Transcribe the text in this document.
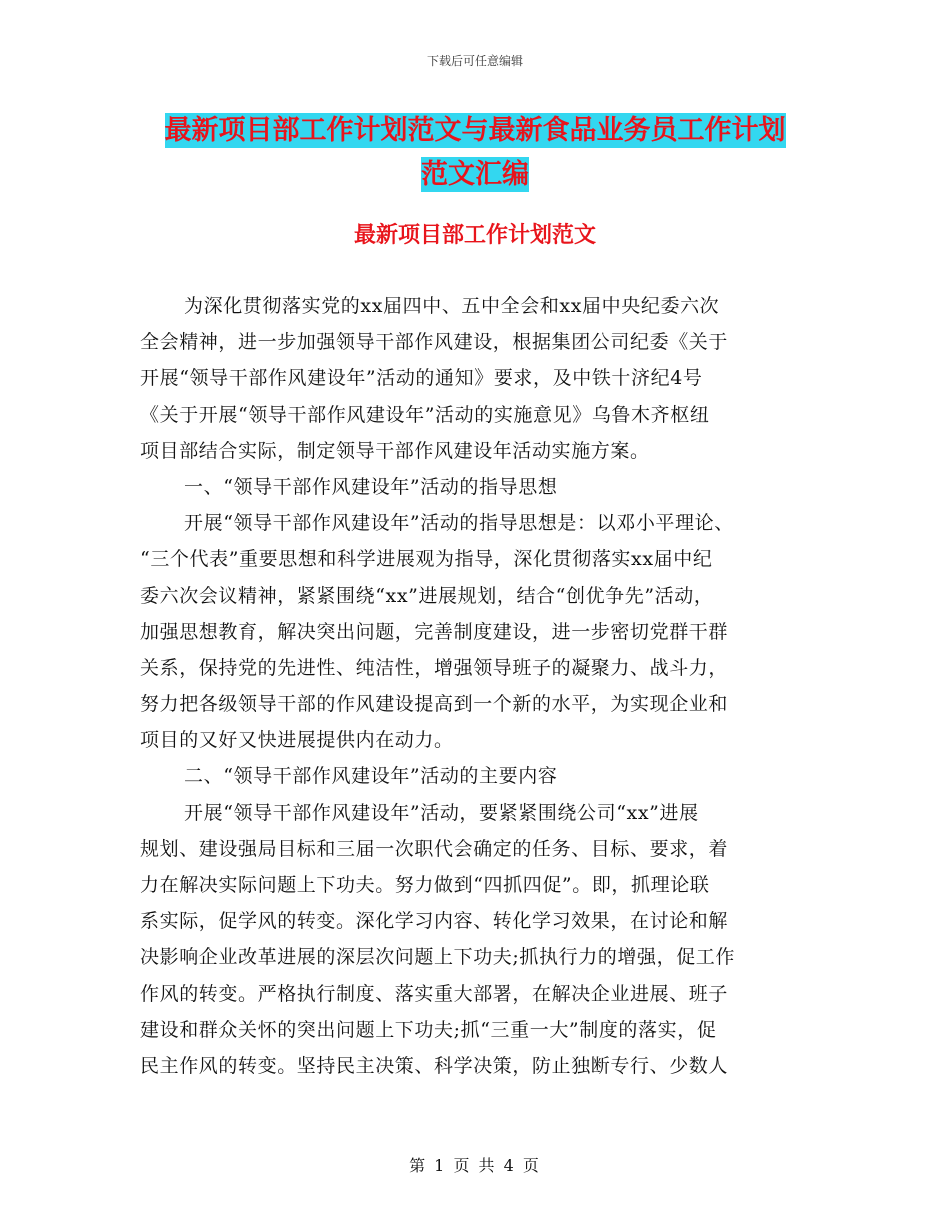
下载后可任意编辑
最新项目部工作计划范文与最新食品业务员工作计划
范文汇编
最新项目部工作计划范文
为深化贯彻落实党的xx届四中、五中全会和xx届中央纪委六次
全会精神，进一步加强领导干部作风建设，根据集团公司纪委《关于
开展“领导干部作风建设年”活动的通知》要求，及中铁十济纪4号
《关于开展“领导干部作风建设年”活动的实施意见》乌鲁木齐枢纽
项目部结合实际，制定领导干部作风建设年活动实施方案。
一、“领导干部作风建设年”活动的指导思想
开展“领导干部作风建设年”活动的指导思想是：以邓小平理论、
“三个代表”重要思想和科学进展观为指导，深化贯彻落实xx届中纪
委六次会议精神，紧紧围绕“xx”进展规划，结合“创优争先”活动，
加强思想教育，解决突出问题，完善制度建设，进一步密切党群干群
关系，保持党的先进性、纯洁性，增强领导班子的凝聚力、战斗力，
努力把各级领导干部的作风建设提高到一个新的水平，为实现企业和
项目的又好又快进展提供内在动力。
二、“领导干部作风建设年”活动的主要内容
开展“领导干部作风建设年”活动，要紧紧围绕公司“xx”进展
规划、建设强局目标和三届一次职代会确定的任务、目标、要求，着
力在解决实际问题上下功夫。努力做到“四抓四促”。即，抓理论联
系实际，促学风的转变。深化学习内容、转化学习效果，在讨论和解
决影响企业改革进展的深层次问题上下功夫;抓执行力的增强，促工作
作风的转变。严格执行制度、落实重大部署，在解决企业进展、班子
建设和群众关怀的突出问题上下功夫;抓“三重一大”制度的落实，促
民主作风的转变。坚持民主决策、科学决策，防止独断专行、少数人
第 1 页 共 4 页
